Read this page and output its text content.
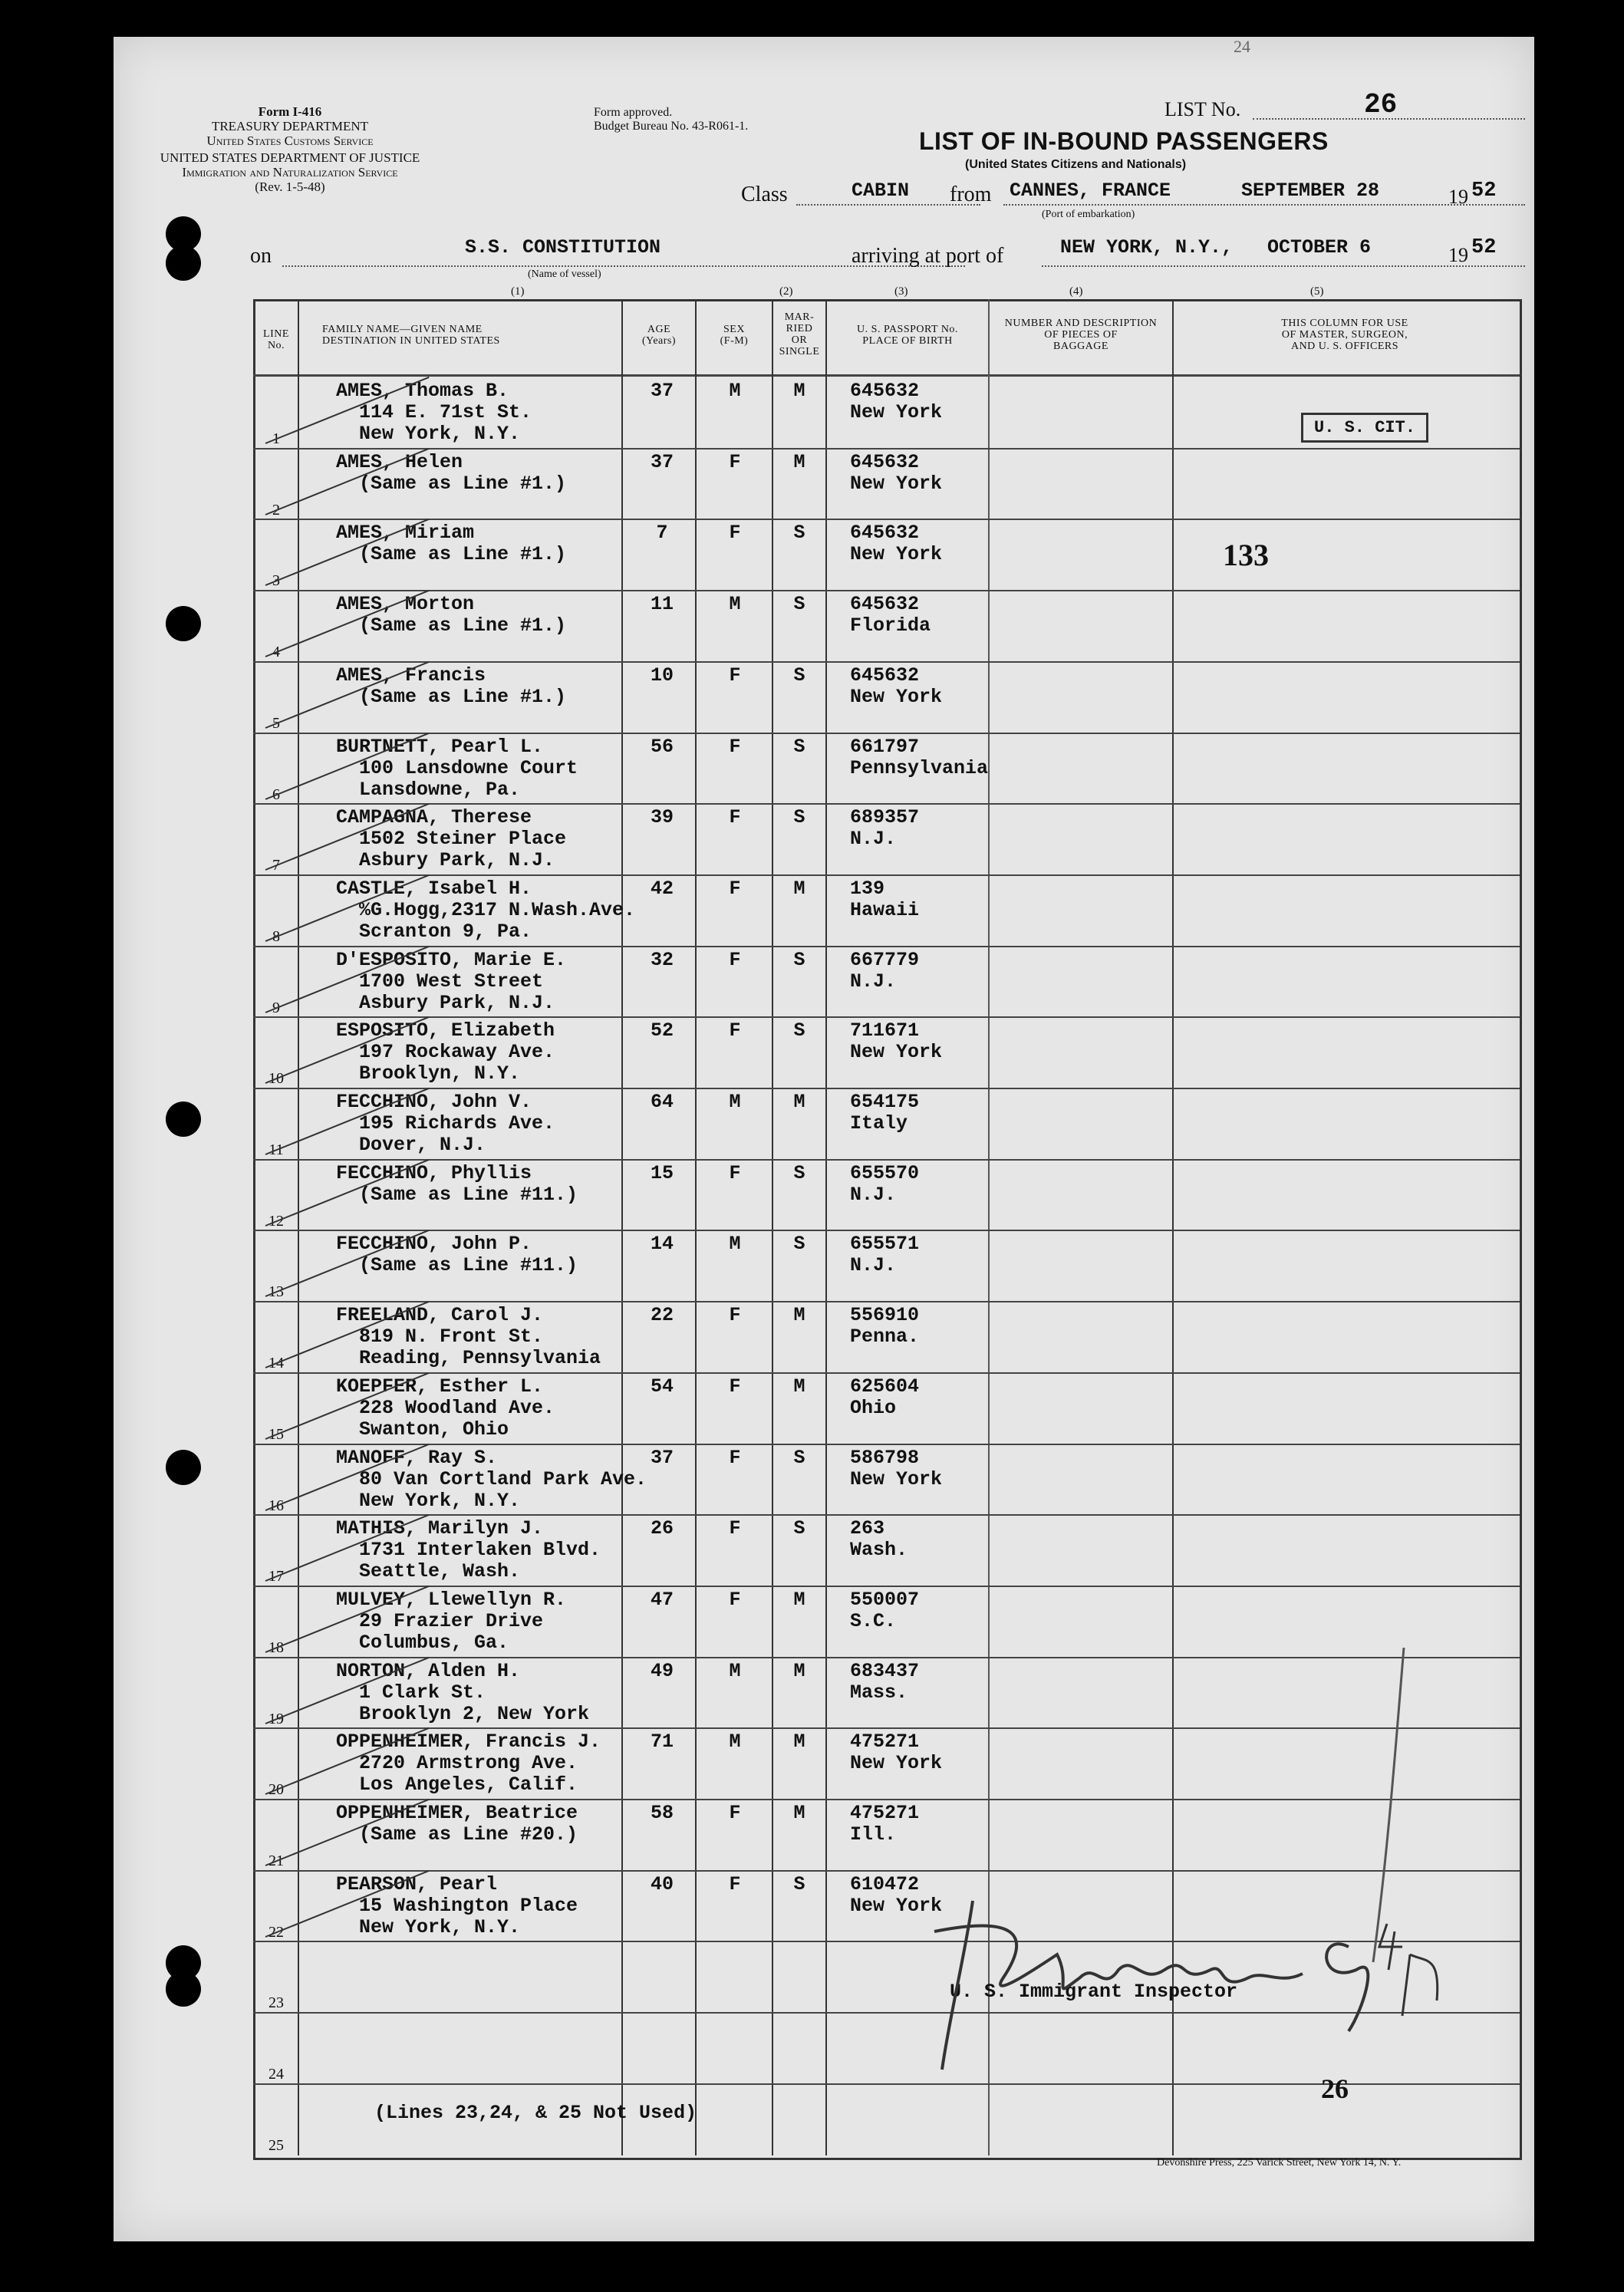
24
Form I-416
TREASURY DEPARTMENT
United States Customs Service
UNITED STATES DEPARTMENT OF JUSTICE
Immigration and Naturalization Service
(Rev. 1-5-48)
Form approved.
Budget Bureau No. 43-R061-1.
LIST No.	26
LIST OF IN-BOUND PASSENGERS
(United States Citizens and Nationals)
Class	CABIN from CANNES, FRANCE
(Port of embarkation)
SEPTEMBER 28	19 52
on	S.S. CONSTITUTION
(Name of vessel)
arriving at port of	NEW YORK, N.Y., OCTOBER 6	19 52
(1)	(2)	(3)	(4)	(5)
LINE No.
FAMILY NAME—GIVEN NAME
DESTINATION IN UNITED STATES
AGE
(Years)
SEX
(F-M)
MAR-
RIED
OR
SINGLE
U. S. PASSPORT No.
PLACE OF BIRTH
NUMBER AND DESCRIPTION
OF PIECES OF
BAGGAGE
THIS COLUMN FOR USE
OF MASTER, SURGEON,
AND U. S. OFFICERS
1
AMES, Thomas B.
114 E. 71st St.
New York, N.Y.
37	M	M	645632
New York
2
AMES, Helen
(Same as Line #1.)
37	F	M	645632
New York
3
AMES, Miriam
(Same as Line #1.)
7	F	S	645632
New York
4
AMES, Morton
(Same as Line #1.)
11	M	S	645632
Florida
5
AMES, Francis
(Same as Line #1.)
10	F	S	645632
New York
6
BURTNETT, Pearl L.
100 Lansdowne Court
Lansdowne, Pa.
56	F	S	661797
Pennsylvania
7
CAMPAGNA, Therese
1502 Steiner Place
Asbury Park, N.J.
39	F	S	689357
N.J.
8
CASTLE, Isabel H.
%G.Hogg,2317 N.Wash.Ave.
Scranton 9, Pa.
42	F	M	139
Hawaii
9
D'ESPOSITO, Marie E.
1700 West Street
Asbury Park, N.J.
32	F	S	667779
N.J.
10
ESPOSITO, Elizabeth
197 Rockaway Ave.
Brooklyn, N.Y.
52	F	S	711671
New York
11
FECCHINO, John V.
195 Richards Ave.
Dover, N.J.
64	M	M	654175
Italy
12
FECCHINO, Phyllis
(Same as Line #11.)
15	F	S	655570
N.J.
13
FECCHINO, John P.
(Same as Line #11.)
14	M	S	655571
N.J.
14
FREELAND, Carol J.
819 N. Front St.
Reading, Pennsylvania
22	F	M	556910
Penna.
15
KOEPFER, Esther L.
228 Woodland Ave.
Swanton, Ohio
54	F	M	625604
Ohio
16
MANOFF, Ray S.
80 Van Cortland Park Ave.
New York, N.Y.
37	F	S	586798
New York
17
MATHIS, Marilyn J.
1731 Interlaken Blvd.
Seattle, Wash.
26	F	S	263
Wash.
18
MULVEY, Llewellyn R.
29 Frazier Drive
Columbus, Ga.
47	F	M	550007
S.C.
19
NORTON, Alden H.
1 Clark St.
Brooklyn 2, New York
49	M	M	683437
Mass.
20
OPPENHEIMER, Francis J.
2720 Armstrong Ave.
Los Angeles, Calif.
71	M	M	475271
New York
21
OPPENHEIMER, Beatrice
(Same as Line #20.)
58	F	M	475271
Ill.
22
PEARSON, Pearl
15 Washington Place
New York, N.Y.
40	F	S	610472
New York
23
24
25
U. S. CIT.
133
(Lines 23,24, & 25 Not Used)
U. S. Immigrant Inspector
26
Devonshire Press, 225 Varick Street, New York 14, N. Y.
